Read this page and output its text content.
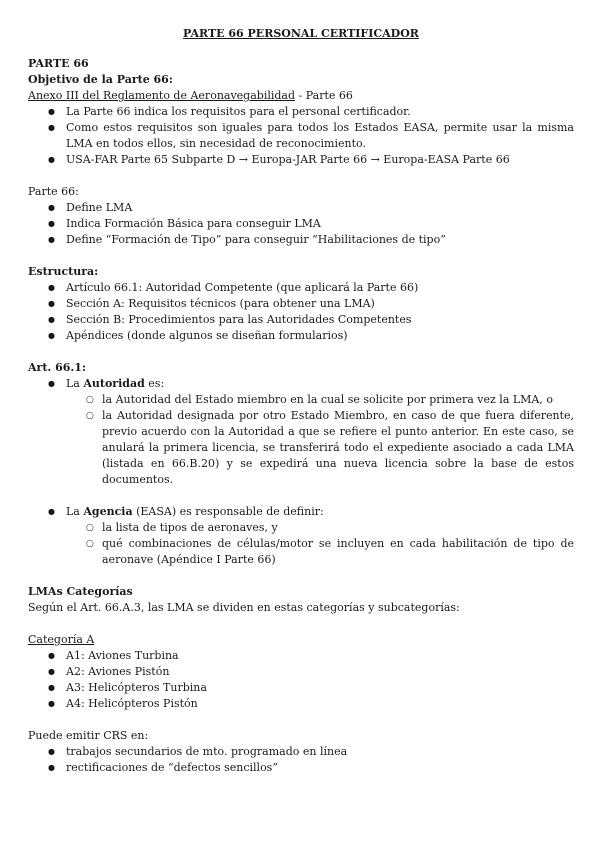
PARTE 66 PERSONAL CERTIFICADOR

PARTE 66

Objetivo de la Parte 66:

Anexo III del Reglamento de Aeronavegabilidad - Parte 66

● La Parte 66 indica los requisitos para el personal certificador.
● Como estos requisitos son iguales para todos los Estados EASA, permite usar la misma LMA en todos ellos, sin necesidad de reconocimiento.
● USA-FAR Parte 65 Subparte D → Europa-JAR Parte 66 → Europa-EASA Parte 66

Parte 66:

● Define LMA
● Indica Formación Básica para conseguir LMA
● Define “Formación de Tipo” para conseguir “Habilitaciones de tipo”

Estructura:

● Artículo 66.1: Autoridad Competente (que aplicará la Parte 66)
● Sección A: Requisitos técnicos (para obtener una LMA)
● Sección B: Procedimientos para las Autoridades Competentes
● Apéndices (donde algunos se diseñan formularios)

Art. 66.1:

● La Autoridad es:
○ la Autoridad del Estado miembro en la cual se solicite por primera vez la LMA, o
○ la Autoridad designada por otro Estado Miembro, en caso de que fuera diferente, previo acuerdo con la Autoridad a que se refiere el punto anterior. En este caso, se anulará la primera licencia, se transferirá todo el expediente asociado a cada LMA (listada en 66.B.20) y se expedirá una nueva licencia sobre la base de estos documentos.
● La Agencia (EASA) es responsable de definir:
○ la lista de tipos de aeronaves, y
○ qué combinaciones de células/motor se incluyen en cada habilitación de tipo de aeronave (Apéndice I Parte 66)

LMAs Categorías

Según el Art. 66.A.3, las LMA se dividen en estas categorías y subcategorías:

Categoría A

● A1: Aviones Turbina
● A2: Aviones Pistón
● A3: Helicópteros Turbina
● A4: Helicópteros Pistón

Puede emitir CRS en:

● trabajos secundarios de mto. programado en línea
● rectificaciones de “defectos sencillos”
